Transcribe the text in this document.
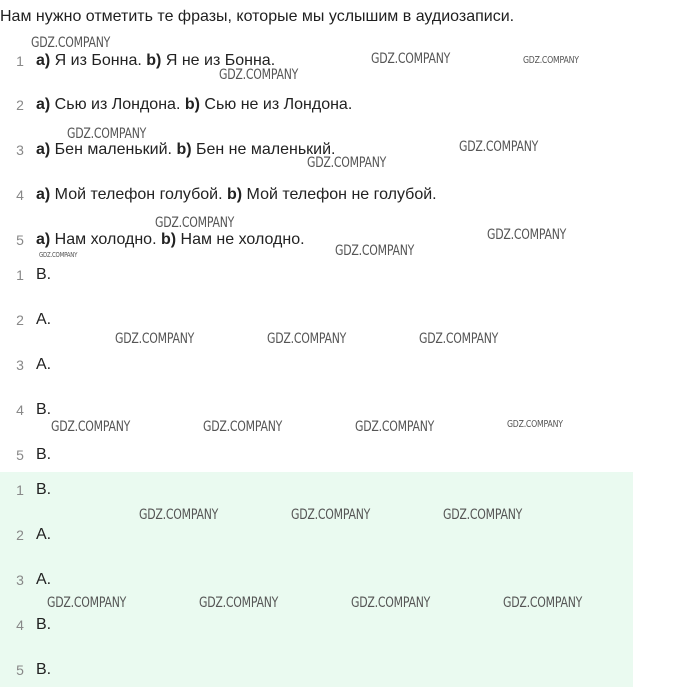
Нам нужно отметить те фразы, которые мы услышим в аудиозаписи.
1 a) Я из Бонна. b) Я не из Бонна.
2 a) Сью из Лондона. b) Сью не из Лондона.
3 a) Бен маленький. b) Бен не маленький.
4 a) Мой телефон голубой. b) Мой телефон не голубой.
5 a) Нам холодно. b) Нам не холодно.
1 B.
2 A.
3 A.
4 B.
5 B.
1 B.
2 A.
3 A.
4 B.
5 B.
GDZ.COMPANY
GDZ.COMPANY	GDZ.COMPANY
GDZ.COMPANY
GDZ.COMPANY
GDZ.COMPANY
GDZ.COMPANY
GDZ.COMPANY
GDZ.COMPANY
GDZ.COMPANY
GDZ.COMPANY
GDZ.COMPANY	GDZ.COMPANY	GDZ.COMPANY
GDZ.COMPANY	GDZ.COMPANY	GDZ.COMPANY	GDZ.COMPANY
GDZ.COMPANY	GDZ.COMPANY	GDZ.COMPANY
GDZ.COMPANY	GDZ.COMPANY	GDZ.COMPANY	GDZ.COMPANY
